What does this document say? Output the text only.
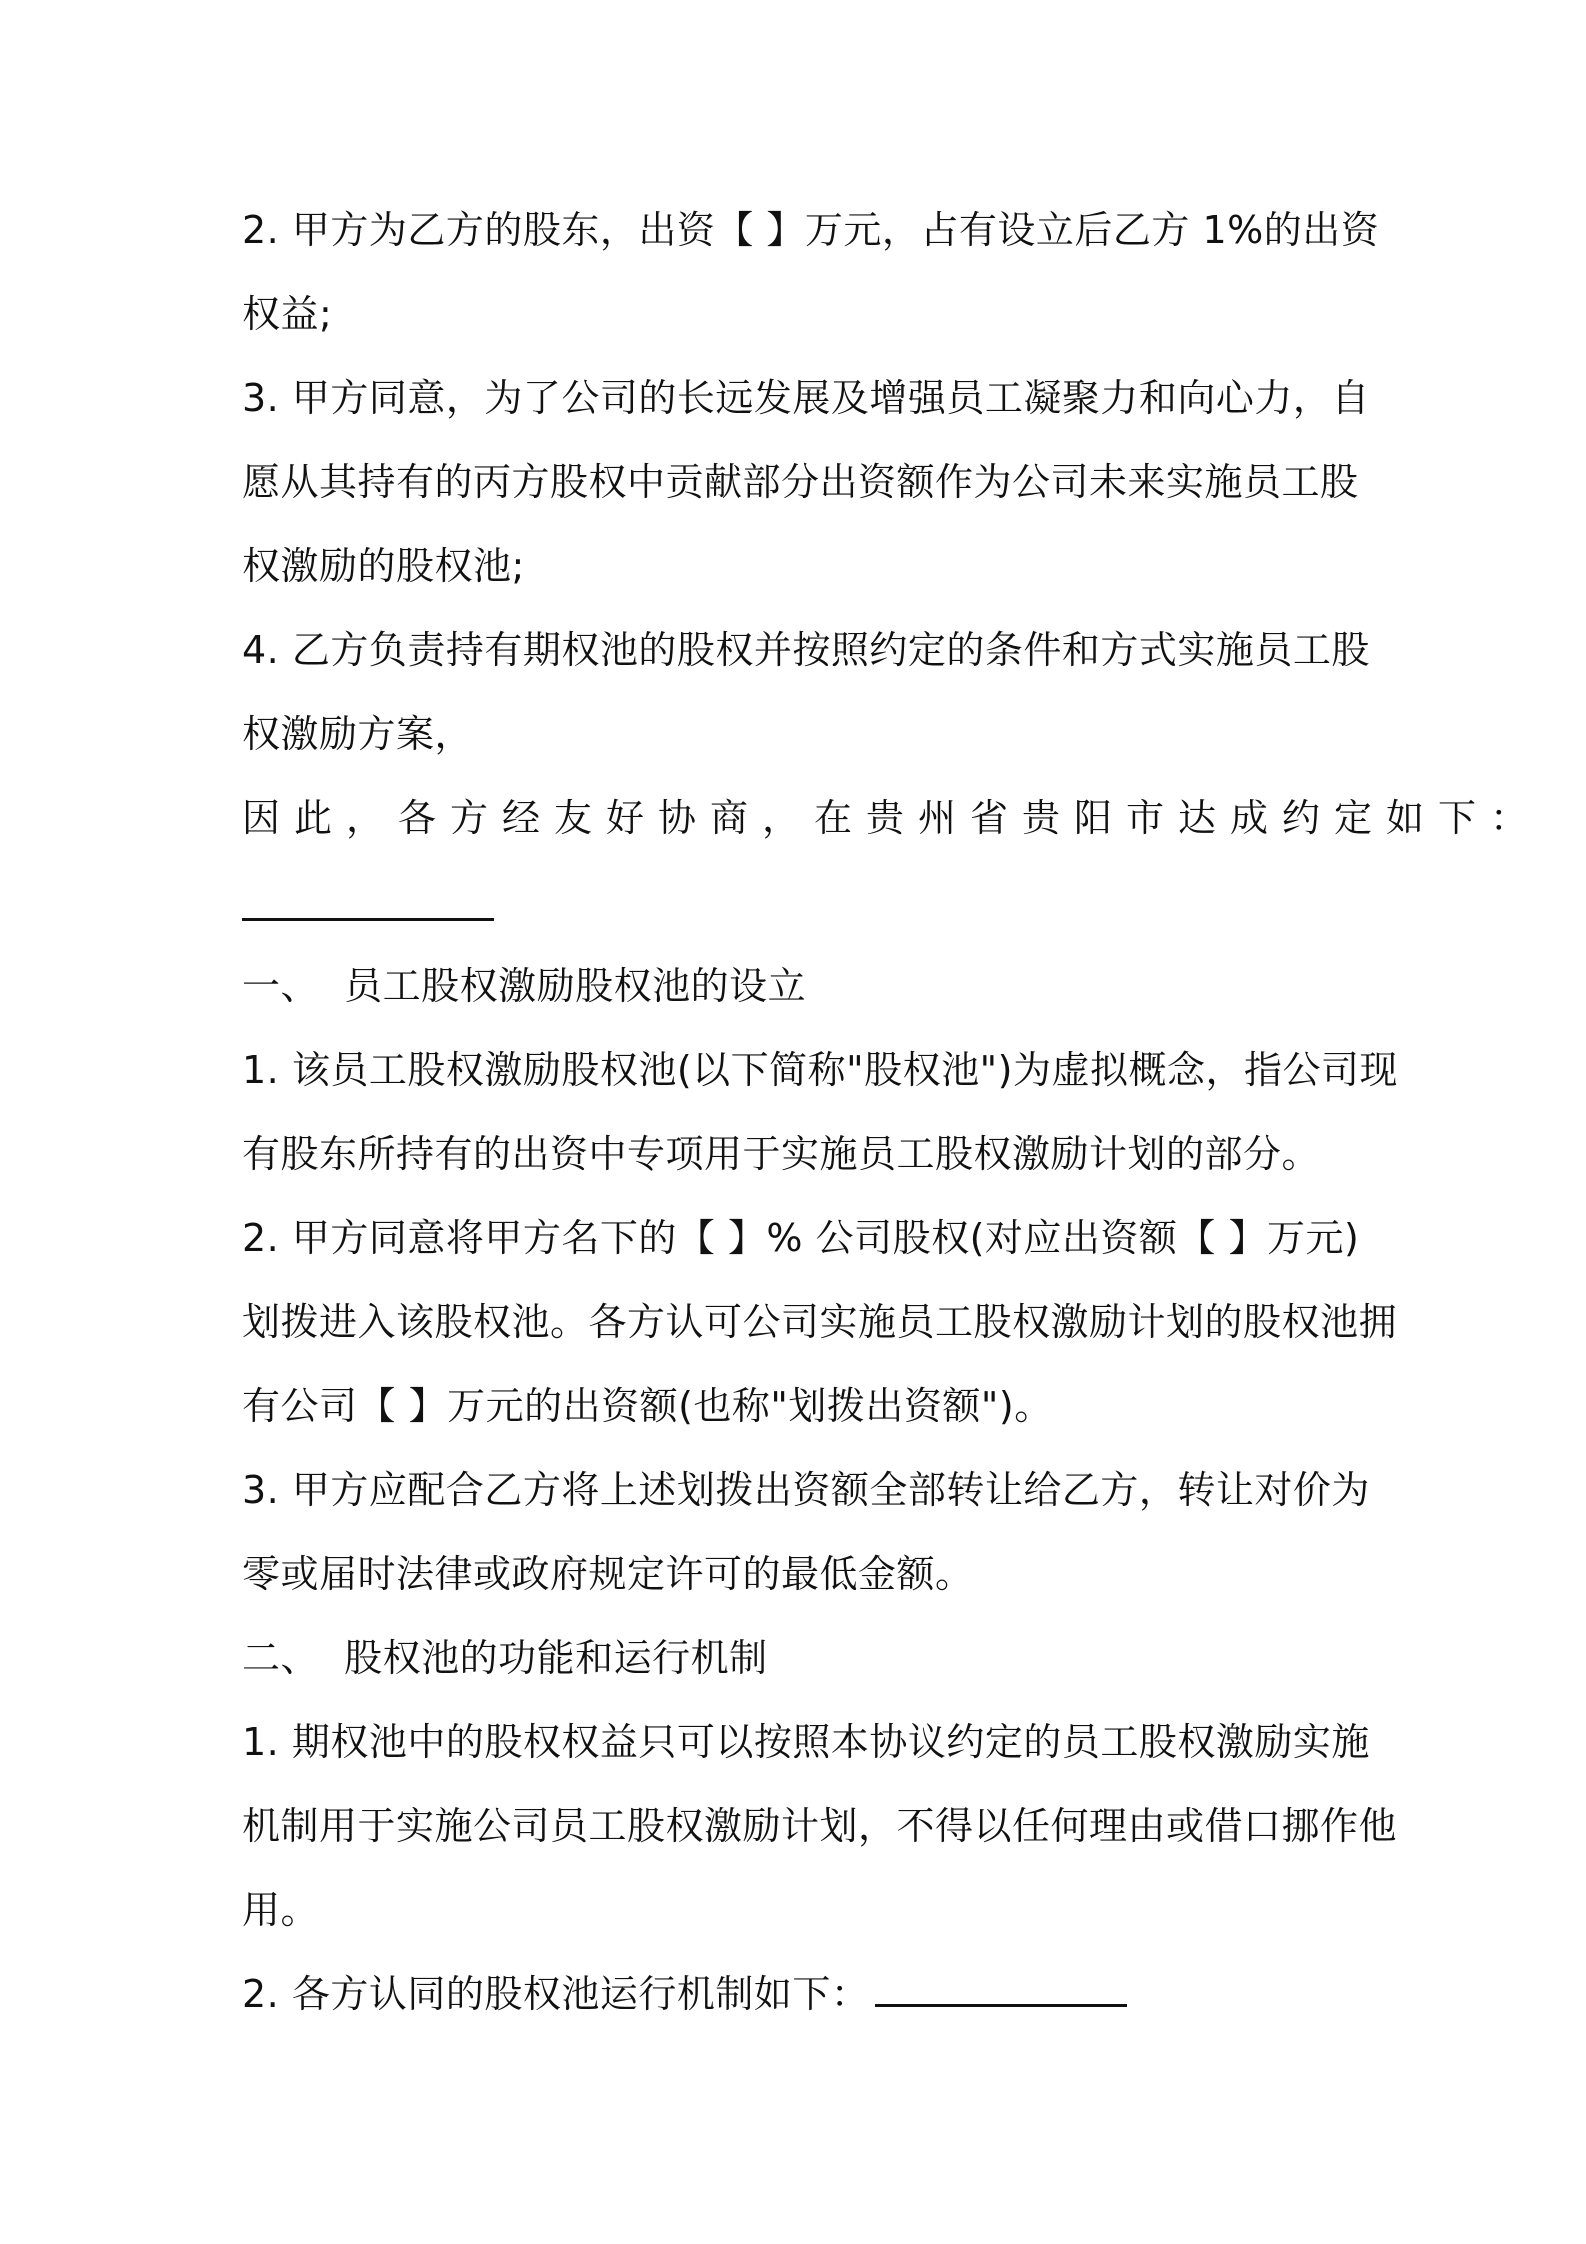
2. 甲方为乙方的股东，出资【 】万元，占有设立后乙方 1%的出资
权益;
3. 甲方同意，为了公司的长远发展及增强员工凝聚力和向心力，自
愿从其持有的丙方股权中贡献部分出资额作为公司未来实施员工股
权激励的股权池;
4. 乙方负责持有期权池的股权并按照约定的条件和方式实施员工股
权激励方案，
因此，各方经友好协商，在贵州省贵阳市达成约定如下：
一、  员工股权激励股权池的设立
1. 该员工股权激励股权池(以下简称"股权池")为虚拟概念，指公司现
有股东所持有的出资中专项用于实施员工股权激励计划的部分。
2. 甲方同意将甲方名下的【 】% 公司股权(对应出资额【 】万元)
划拨进入该股权池。各方认可公司实施员工股权激励计划的股权池拥
有公司【 】万元的出资额(也称"划拨出资额")。
3. 甲方应配合乙方将上述划拨出资额全部转让给乙方，转让对价为
零或届时法律或政府规定许可的最低金额。
二、  股权池的功能和运行机制
1. 期权池中的股权权益只可以按照本协议约定的员工股权激励实施
机制用于实施公司员工股权激励计划，不得以任何理由或借口挪作他
用。
2. 各方认同的股权池运行机制如下：
